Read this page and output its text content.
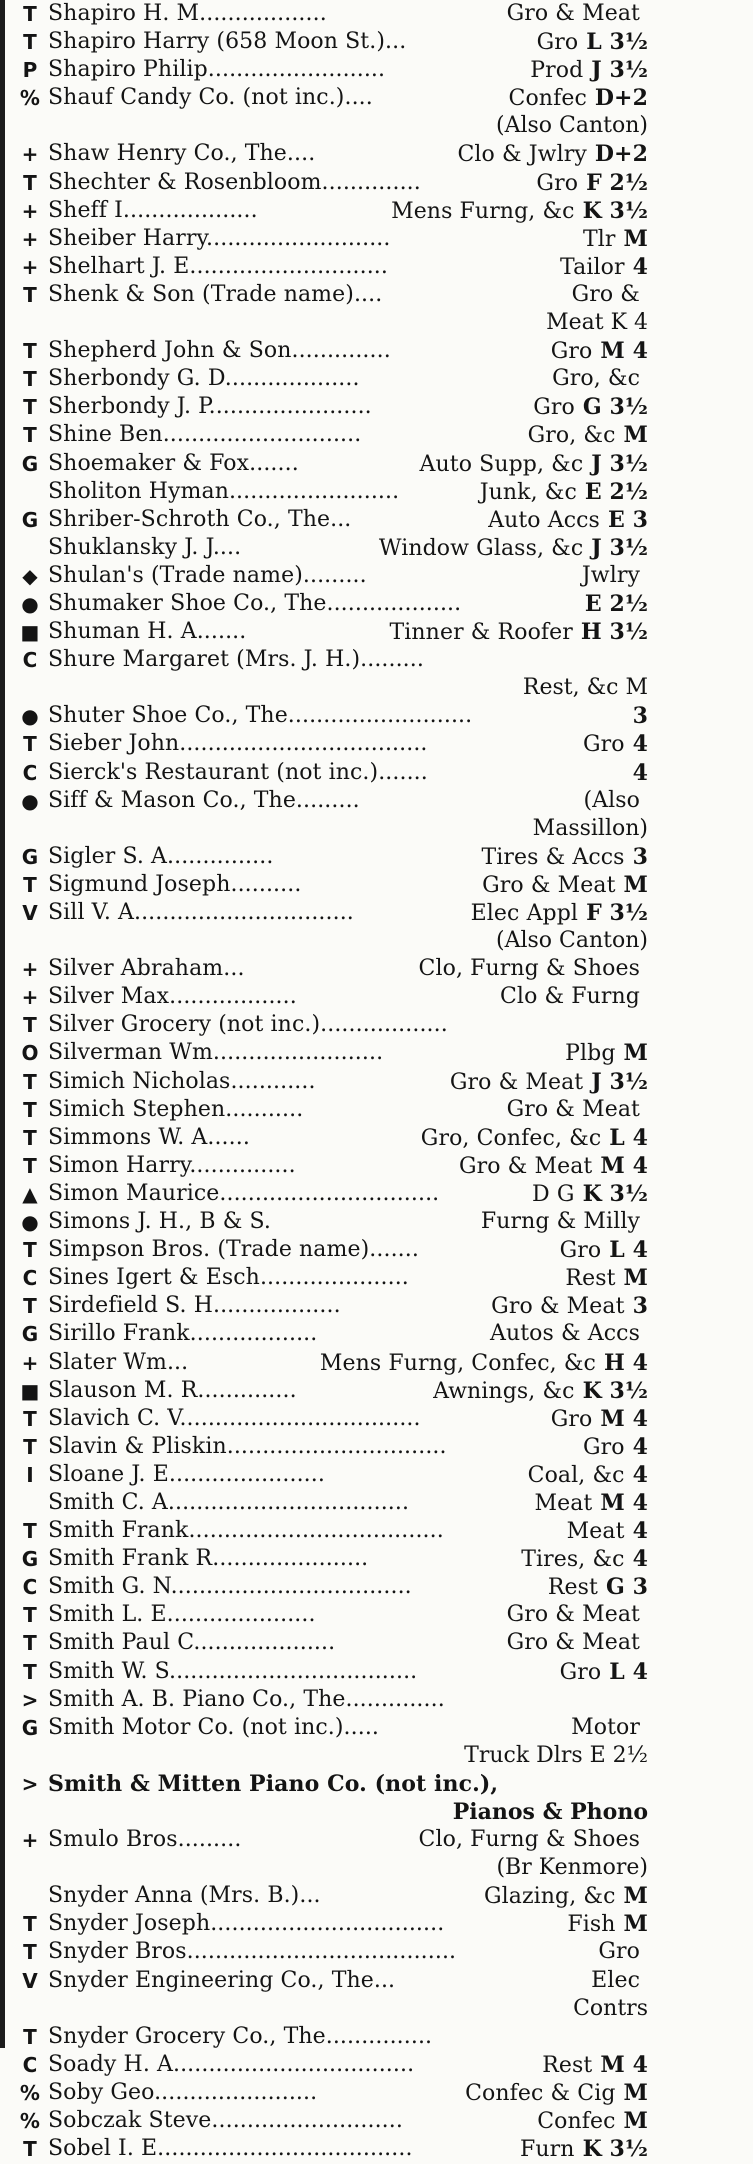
T Shapiro H. M..................	Gro & Meat
T Shapiro Harry (658 Moon St.)...	Gro L 3½
P Shapiro Philip.........................	Prod J 3½
% Shauf Candy Co. (not inc.)....	Confec D+2
(Also Canton)
+ Shaw Henry Co., The....	Clo & Jwlry D+2
T Shechter & Rosenbloom..............	Gro F 2½
+ Sheff I...................	Mens Furng, &c K 3½
+ Sheiber Harry..........................	Tlr M
+ Shelhart J. E............................	Tailor 4
T Shenk & Son (Trade name)....	Gro &
Meat K 4
T Shepherd John & Son..............	Gro M 4
T Sherbondy G. D...................	Gro, &c
T Sherbondy J. P.......................	Gro G 3½
T Shine Ben............................	Gro, &c M
G Shoemaker & Fox.......	Auto Supp, &c J 3½
Sholiton Hyman........................	Junk, &c E 2½
G Shriber-Schroth Co., The...	Auto Accs E 3
Shuklansky J. J....	Window Glass, &c J 3½
◆ Shulan's (Trade name).........	Jwlry
● Shumaker Shoe Co., The...................	E 2½
■ Shuman H. A.......	Tinner & Roofer H 3½
C Shure Margaret (Mrs. J. H.).........
Rest, &c M
● Shuter Shoe Co., The..........................	3
T Sieber John...................................	Gro 4
C Sierck's Restaurant (not inc.).......	4
● Siff & Mason Co., The.........	(Also
Massillon)
G Sigler S. A...............	Tires & Accs 3
T Sigmund Joseph..........	Gro & Meat M
V Sill V. A...............................	Elec Appl F 3½
(Also Canton)
+ Silver Abraham...	Clo, Furng & Shoes
+ Silver Max..................	Clo & Furng
T Silver Grocery (not inc.)..................
O Silverman Wm........................	Plbg M
T Simich Nicholas............	Gro & Meat J 3½
T Simich Stephen...........	Gro & Meat
T Simmons W. A......	Gro, Confec, &c L 4
T Simon Harry...............	Gro & Meat M 4
▲ Simon Maurice...............................	D G K 3½
● Simons J. H., B & S.	Furng & Milly
T Simpson Bros. (Trade name).......	Gro L 4
C Sines Igert & Esch.....................	Rest M
T Sirdefield S. H..................	Gro & Meat 3
G Sirillo Frank..................	Autos & Accs
+ Slater Wm...	Mens Furng, Confec, &c H 4
■ Slauson M. R..............	Awnings, &c K 3½
T Slavich C. V..................................	Gro M 4
T Slavin & Pliskin...............................	Gro 4
I Sloane J. E......................	Coal, &c 4
Smith C. A..................................	Meat M 4
T Smith Frank....................................	Meat 4
G Smith Frank R......................	Tires, &c 4
C Smith G. N..................................	Rest G 3
T Smith L. E.....................	Gro & Meat
T Smith Paul C....................	Gro & Meat
T Smith W. S...................................	Gro L 4
> Smith A. B. Piano Co., The..............
G Smith Motor Co. (not inc.).....	Motor
Truck Dlrs E 2½
> Smith & Mitten Piano Co. (not inc.),
Pianos & Phono
+ Smulo Bros.........	Clo, Furng & Shoes
(Br Kenmore)
Snyder Anna (Mrs. B.)...	Glazing, &c M
T Snyder Joseph.................................	Fish M
T Snyder Bros......................................	Gro
V Snyder Engineering Co., The...	Elec
Contrs
T Snyder Grocery Co., The...............
C Soady H. A..................................	Rest M 4
% Soby Geo.......................	Confec & Cig M
% Sobczak Steve...........................	Confec M
T Sobel I. E....................................	Furn K 3½
